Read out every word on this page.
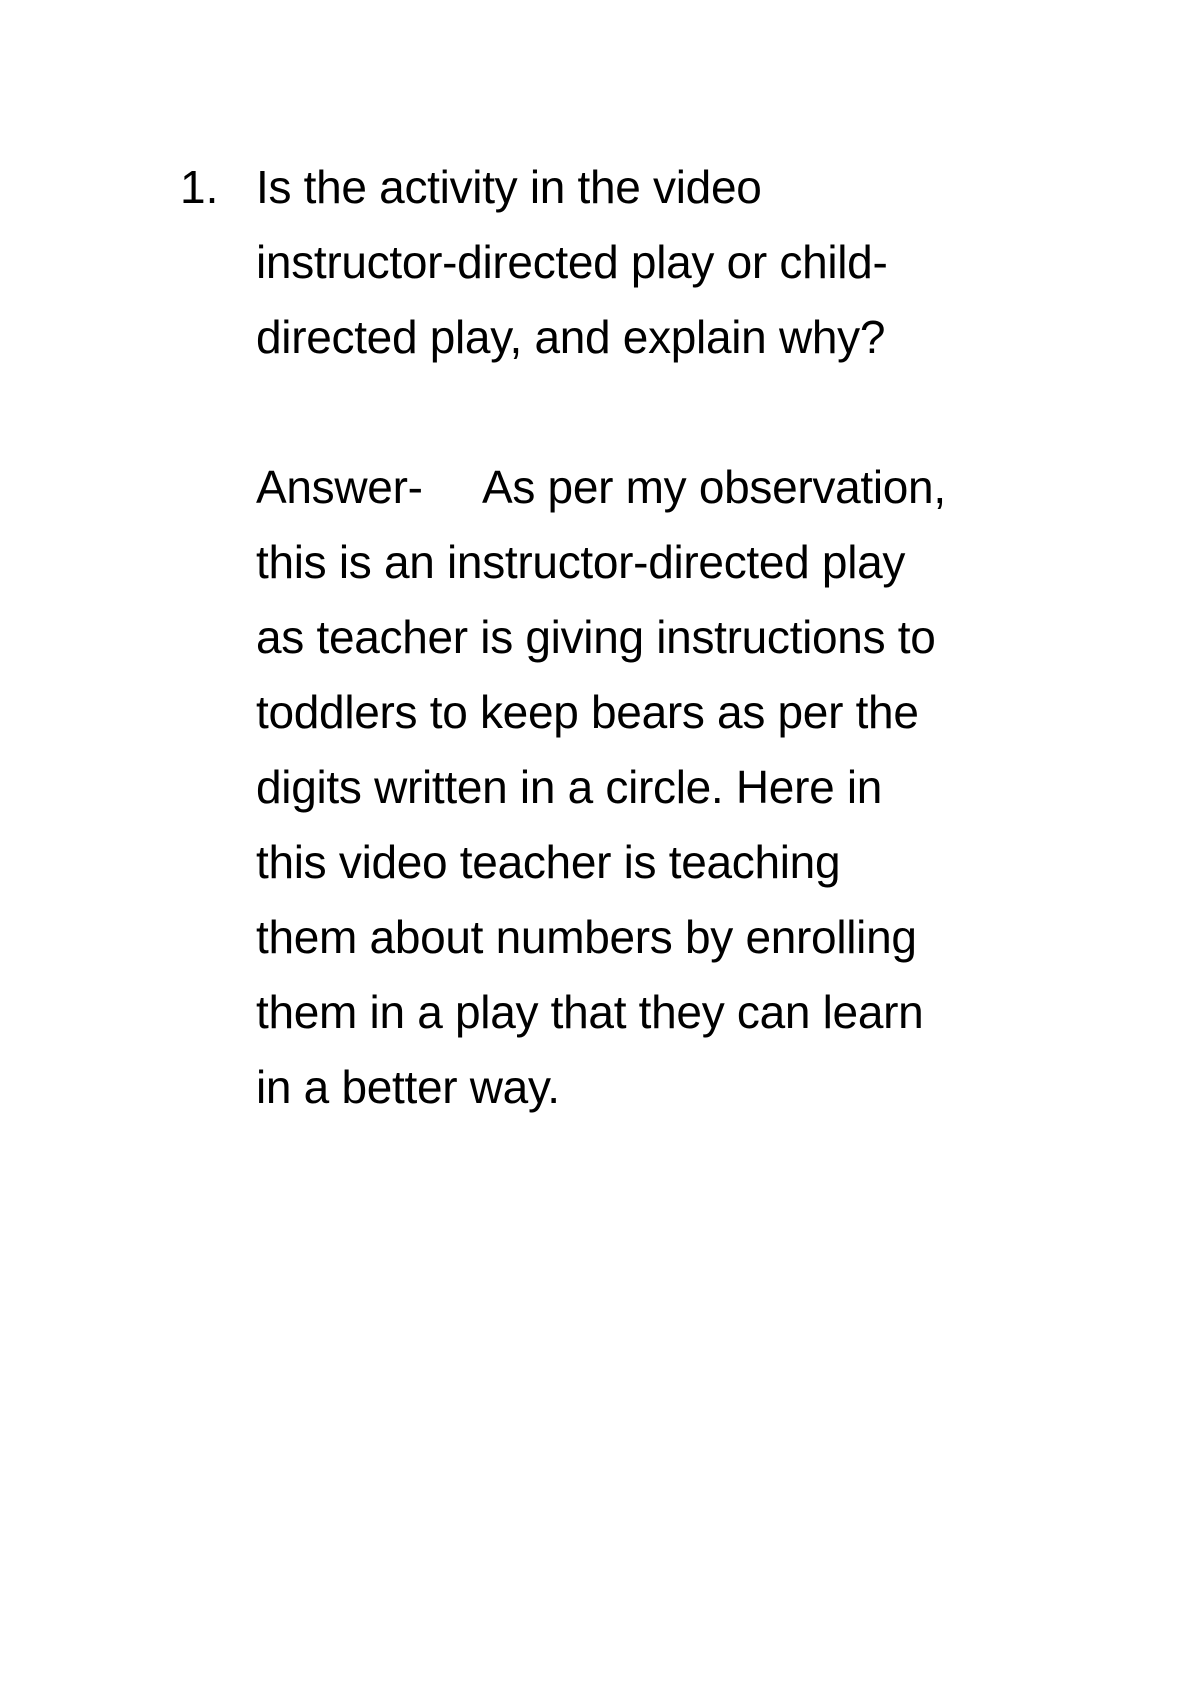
1. Is the activity in the video
instructor-directed play or child-
directed play, and explain why?
Answer- As per my observation,
this is an instructor-directed play
as teacher is giving instructions to
toddlers to keep bears as per the
digits written in a circle. Here in
this video teacher is teaching
them about numbers by enrolling
them in a play that they can learn
in a better way.
